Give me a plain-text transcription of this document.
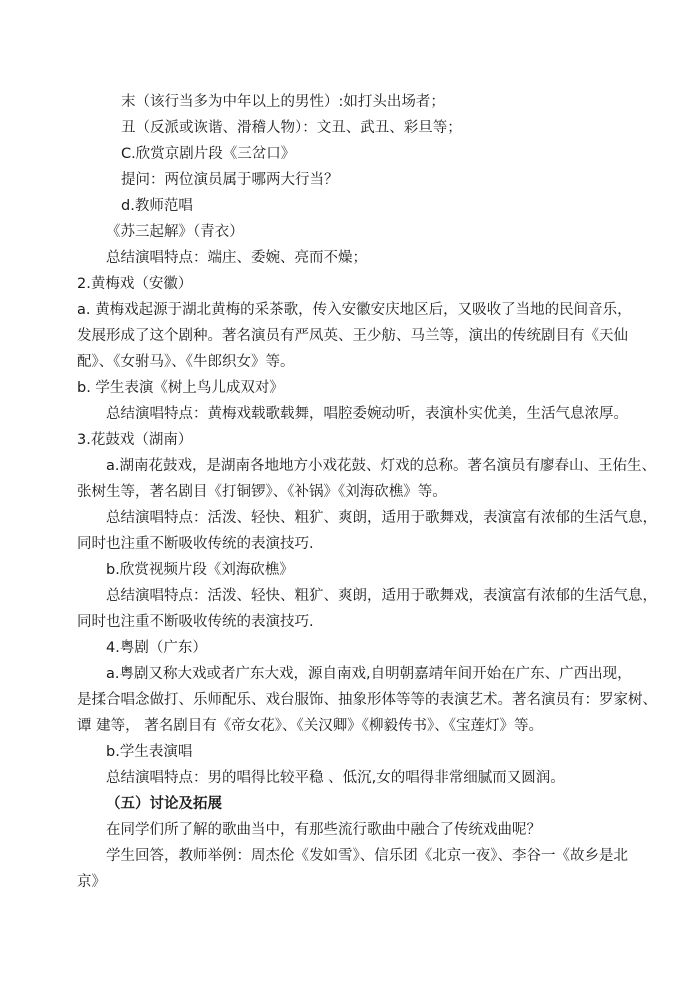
末（该行当多为中年以上的男性）:如打头出场者；
丑（反派或诙谐、滑稽人物）：文丑、武丑、彩旦等；
C.欣赏京剧片段《三岔口》
提问：两位演员属于哪两大行当？
d.教师范唱
《苏三起解》（青衣）
总结演唱特点：端庄、委婉、亮而不燥；
2.黄梅戏（安徽）
a. 黄梅戏起源于湖北黄梅的采茶歌，传入安徽安庆地区后，又吸收了当地的民间音乐，
发展形成了这个剧种。著名演员有严凤英、王少舫、马兰等，演出的传统剧目有《天仙
配》、《女驸马》、《牛郎织女》等。
b. 学生表演《树上鸟儿成双对》
总结演唱特点：黄梅戏载歌载舞，唱腔委婉动听，表演朴实优美，生活气息浓厚。
3.花鼓戏（湖南）
a.湖南花鼓戏，是湖南各地地方小戏花鼓、灯戏的总称。著名演员有廖春山、王佑生、
张树生等，著名剧目《打铜锣》、《补锅》《刘海砍樵》等。
总结演唱特点：活泼、轻快、粗犷、爽朗，适用于歌舞戏，表演富有浓郁的生活气息，
同时也注重不断吸收传统的表演技巧.
b.欣赏视频片段《刘海砍樵》
总结演唱特点：活泼、轻快、粗犷、爽朗，适用于歌舞戏，表演富有浓郁的生活气息，
同时也注重不断吸收传统的表演技巧.
4.粤剧（广东）
a.粤剧又称大戏或者广东大戏，源自南戏,自明朝嘉靖年间开始在广东、广西出现，
是揉合唱念做打、乐师配乐、戏台服饰、抽象形体等等的表演艺术。著名演员有：罗家树、
谭 建等， 著名剧目有《帝女花》、《关汉卿》《柳毅传书》、《宝莲灯》等。
b.学生表演唱
总结演唱特点：男的唱得比较平稳 、低沉,女的唱得非常细腻而又圆润。
（五）讨论及拓展
在同学们所了解的歌曲当中，有那些流行歌曲中融合了传统戏曲呢？
学生回答，教师举例：周杰伦《发如雪》、信乐团《北京一夜》、李谷一《故乡是北
京》
